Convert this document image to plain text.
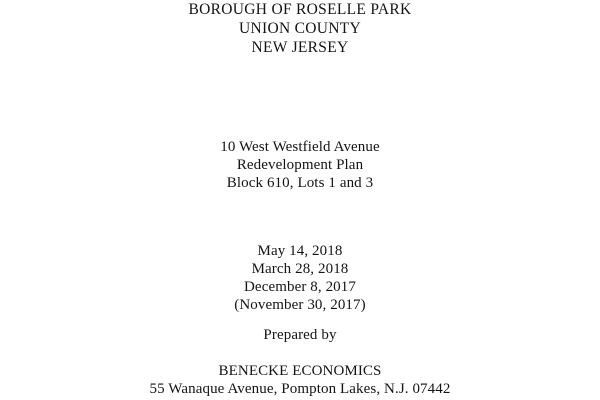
BOROUGH OF ROSELLE PARK
UNION COUNTY
NEW JERSEY
10 West Westfield Avenue
Redevelopment Plan
Block 610, Lots 1 and 3
May 14, 2018
March 28, 2018
December 8, 2017
(November 30, 2017)
Prepared by
BENECKE ECONOMICS
55 Wanaque Avenue, Pompton Lakes, N.J. 07442
